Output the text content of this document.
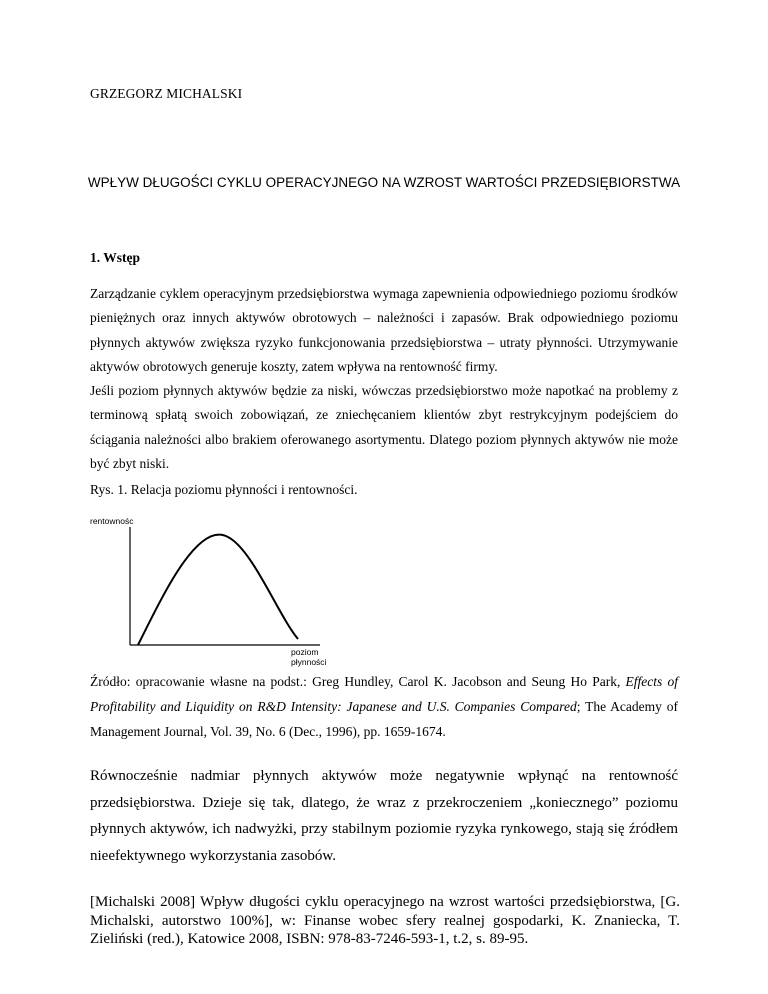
GRZEGORZ MICHALSKI
WPŁYW DŁUGOŚCI CYKLU OPERACYJNEGO NA WZROST WARTOŚCI PRZEDSIĘBIORSTWA
1. Wstęp
Zarządzanie cyklem operacyjnym przedsiębiorstwa wymaga zapewnienia odpowiedniego poziomu środków pieniężnych oraz innych aktywów obrotowych – należności i zapasów. Brak odpowiedniego poziomu płynnych aktywów zwiększa ryzyko funkcjonowania przedsiębiorstwa – utraty płynności. Utrzymywanie aktywów obrotowych generuje koszty, zatem wpływa na rentowność firmy.
Jeśli poziom płynnych aktywów będzie za niski, wówczas przedsiębiorstwo może napotkać na problemy z terminową spłatą swoich zobowiązań, ze zniechęcaniem klientów zbyt restrykcyjnym podejściem do ściągania należności albo brakiem oferowanego asortymentu. Dlatego poziom płynnych aktywów nie może być zbyt niski.
Rys. 1. Relacja poziomu płynności i rentowności.
rentownośc
poziom
płynności
Źródło: opracowanie własne na podst.: Greg Hundley, Carol K. Jacobson and Seung Ho Park, Effects of Profitability and Liquidity on R&D Intensity: Japanese and U.S. Companies Compared; The Academy of Management Journal, Vol. 39, No. 6 (Dec., 1996), pp. 1659-1674.
Równocześnie nadmiar płynnych aktywów może negatywnie wpłynąć na rentowność przedsiębiorstwa. Dzieje się tak, dlatego, że wraz z przekroczeniem „koniecznego” poziomu płynnych aktywów, ich nadwyżki, przy stabilnym poziomie ryzyka rynkowego, stają się źródłem nieefektywnego wykorzystania zasobów.
[Michalski 2008] Wpływ długości cyklu operacyjnego na wzrost wartości przedsiębiorstwa, [G. Michalski, autorstwo 100%], w: Finanse wobec sfery realnej gospodarki, K. Znaniecka, T. Zieliński (red.), Katowice 2008, ISBN: 978-83-7246-593-1, t.2, s. 89-95.
